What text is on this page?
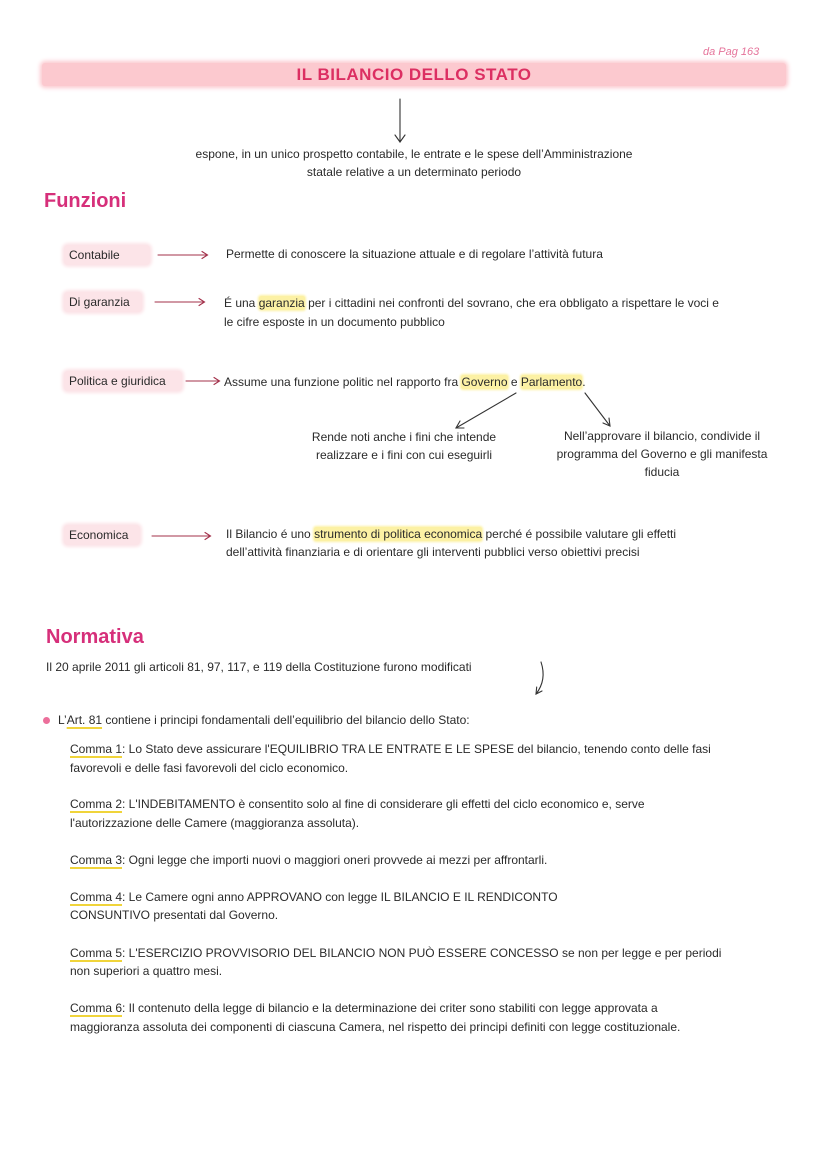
da Pag 163
IL BILANCIO DELLO STATO
espone, in un unico prospetto contabile, le entrate e le spese dell’Amministrazione
statale relative a un determinato periodo
Funzioni
Contabile	Permette di conoscere la situazione attuale e di regolare l’attività futura
Di garanzia	É una garanzia per i cittadini nei confronti del sovrano, che era obbligato a rispettare le voci e
le cifre esposte in un documento pubblico
Politica e giuridica	Assume una funzione politic nel rapporto fra Governo e Parlamento.
Rende noti anche i fini che intende
realizzare e i fini con cui eseguirli
Nell’approvare il bilancio, condivide il
programma del Governo e gli manifesta
fiducia
Economica	Il Bilancio é uno strumento di politica economica perché é possibile valutare gli effetti
dell’attività finanziaria e di orientare gli interventi pubblici verso obiettivi precisi
Normativa
Il 20 aprile 2011 gli articoli 81, 97, 117, e 119 della Costituzione furono modificati
L’Art. 81 contiene i principi fondamentali dell’equilibrio del bilancio dello Stato:
Comma 1: Lo Stato deve assicurare l'EQUILIBRIO TRA LE ENTRATE E LE SPESE del bilancio, tenendo conto delle fasi
favorevoli e delle fasi favorevoli del ciclo economico.
Comma 2: L'INDEBITAMENTO è consentito solo al fine di considerare gli effetti del ciclo economico e, serve
l'autorizzazione delle Camere (maggioranza assoluta).
Comma 3: Ogni legge che importi nuovi o maggiori oneri provvede ai mezzi per affrontarli.
Comma 4: Le Camere ogni anno APPROVANO con legge IL BILANCIO E IL RENDICONTO
CONSUNTIVO presentati dal Governo.
Comma 5: L'ESERCIZIO PROVVISORIO DEL BILANCIO NON PUÒ ESSERE CONCESSO se non per legge e per periodi
non superiori a quattro mesi.
Comma 6: Il contenuto della legge di bilancio e la determinazione dei criter sono stabiliti con legge approvata a
maggioranza assoluta dei componenti di ciascuna Camera, nel rispetto dei principi definiti con legge costituzionale.
